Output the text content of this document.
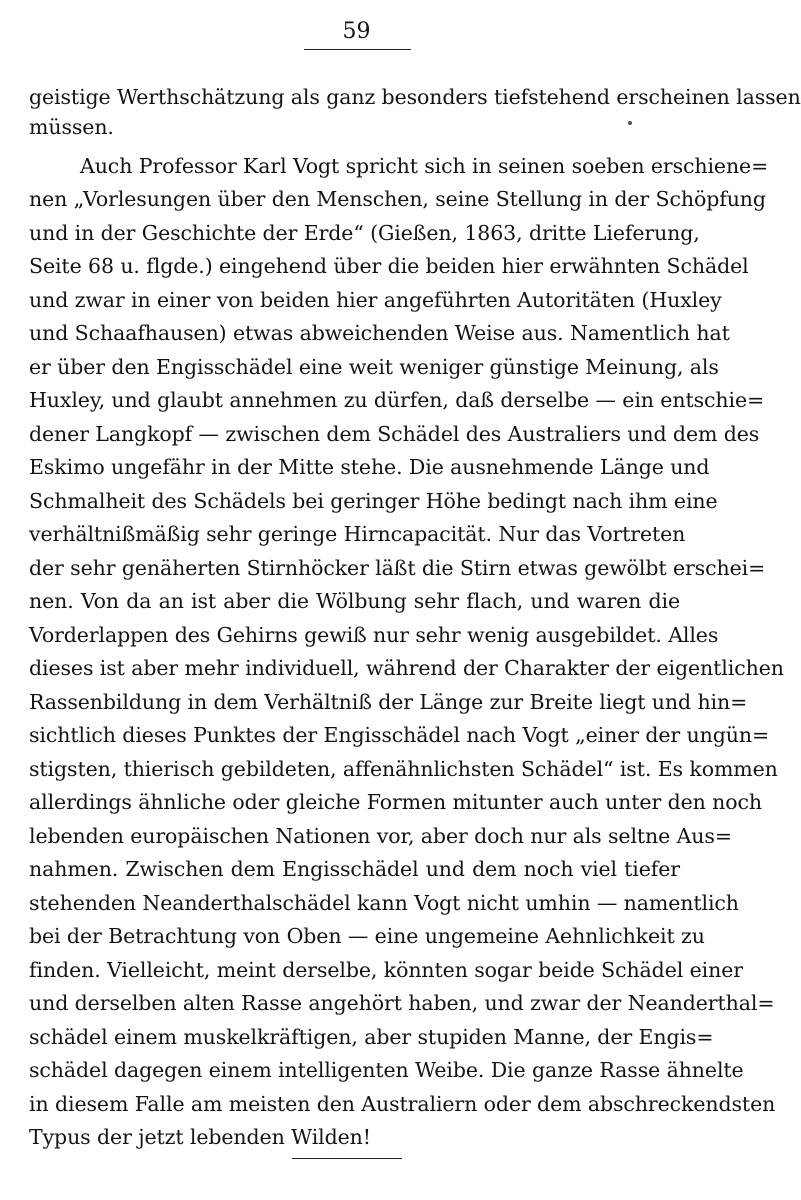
59
geistige Werthschätzung als ganz besonders tiefstehend erscheinen lassen
müssen.
Auch Professor Karl Vogt spricht sich in seinen soeben erschiene=
nen „Vorlesungen über den Menschen, seine Stellung in der Schöpfung
und in der Geschichte der Erde“ (Gießen, 1863, dritte Lieferung,
Seite 68 u. flgde.) eingehend über die beiden hier erwähnten Schädel
und zwar in einer von beiden hier angeführten Autoritäten (Huxley
und Schaafhausen) etwas abweichenden Weise aus. Namentlich hat
er über den Engisschädel eine weit weniger günstige Meinung, als
Huxley, und glaubt annehmen zu dürfen, daß derselbe — ein entschie=
dener Langkopf — zwischen dem Schädel des Australiers und dem des
Eskimo ungefähr in der Mitte stehe. Die ausnehmende Länge und
Schmalheit des Schädels bei geringer Höhe bedingt nach ihm eine
verhältnißmäßig sehr geringe Hirncapacität. Nur das Vortreten
der sehr genäherten Stirnhöcker läßt die Stirn etwas gewölbt erschei=
nen. Von da an ist aber die Wölbung sehr flach, und waren die
Vorderlappen des Gehirns gewiß nur sehr wenig ausgebildet. Alles
dieses ist aber mehr individuell, während der Charakter der eigentlichen
Rassenbildung in dem Verhältniß der Länge zur Breite liegt und hin=
sichtlich dieses Punktes der Engisschädel nach Vogt „einer der ungün=
stigsten, thierisch gebildeten, affenähnlichsten Schädel“ ist. Es kommen
allerdings ähnliche oder gleiche Formen mitunter auch unter den noch
lebenden europäischen Nationen vor, aber doch nur als seltne Aus=
nahmen. Zwischen dem Engisschädel und dem noch viel tiefer
stehenden Neanderthalschädel kann Vogt nicht umhin — namentlich
bei der Betrachtung von Oben — eine ungemeine Aehnlichkeit zu
finden. Vielleicht, meint derselbe, könnten sogar beide Schädel einer
und derselben alten Rasse angehört haben, und zwar der Neanderthal=
schädel einem muskelkräftigen, aber stupiden Manne, der Engis=
schädel dagegen einem intelligenten Weibe. Die ganze Rasse ähnelte
in diesem Falle am meisten den Australiern oder dem abschreckendsten
Typus der jetzt lebenden Wilden!
